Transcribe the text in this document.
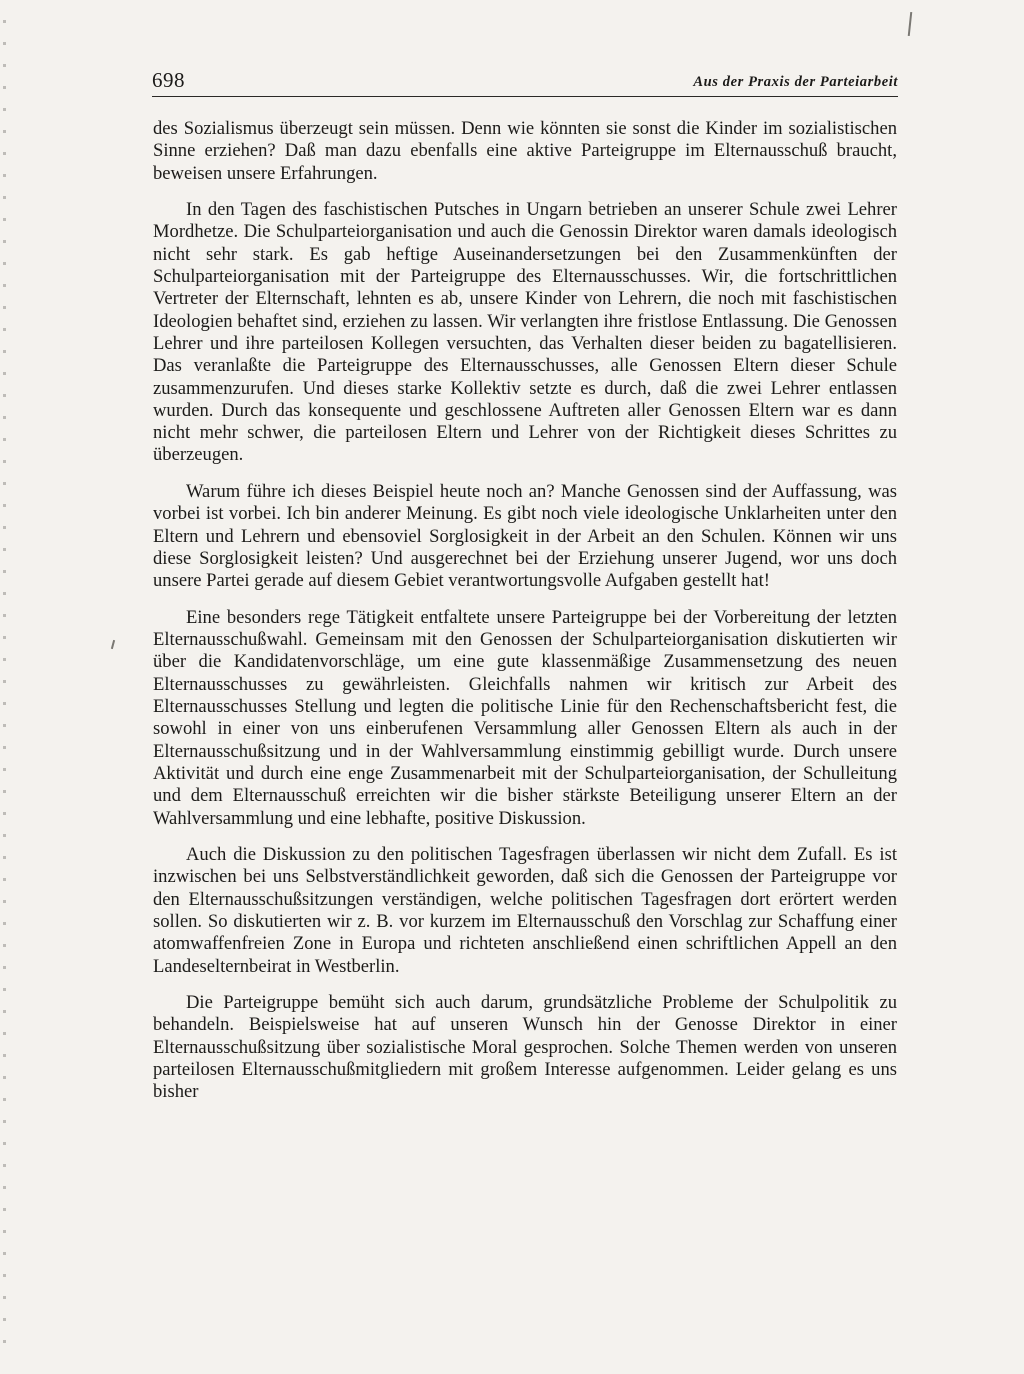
698	Aus der Praxis der Parteiarbeit

des Sozialismus überzeugt sein müssen. Denn wie könnten sie sonst die Kinder im sozialistischen Sinne erziehen? Daß man dazu ebenfalls eine aktive Parteigruppe im Elternausschuß braucht, beweisen unsere Erfahrungen.

In den Tagen des faschistischen Putsches in Ungarn betrieben an unserer Schule zwei Lehrer Mordhetze. Die Schulparteiorganisation und auch die Genossin Direktor waren damals ideologisch nicht sehr stark. Es gab heftige Auseinandersetzungen bei den Zusammenkünften der Schulparteiorganisation mit der Parteigruppe des Elternausschusses. Wir, die fortschrittlichen Vertreter der Elternschaft, lehnten es ab, unsere Kinder von Lehrern, die noch mit faschistischen Ideologien behaftet sind, erziehen zu lassen. Wir verlangten ihre fristlose Entlassung. Die Genossen Lehrer und ihre parteilosen Kollegen versuchten, das Verhalten dieser beiden zu bagatellisieren. Das veranlaßte die Parteigruppe des Elternausschusses, alle Genossen Eltern dieser Schule zusammenzurufen. Und dieses starke Kollektiv setzte es durch, daß die zwei Lehrer entlassen wurden. Durch das konsequente und geschlossene Auftreten aller Genossen Eltern war es dann nicht mehr schwer, die parteilosen Eltern und Lehrer von der Richtigkeit dieses Schrittes zu überzeugen.

Warum führe ich dieses Beispiel heute noch an? Manche Genossen sind der Auffassung, was vorbei ist vorbei. Ich bin anderer Meinung. Es gibt noch viele ideologische Unklarheiten unter den Eltern und Lehrern und ebensoviel Sorglosigkeit in der Arbeit an den Schulen. Können wir uns diese Sorglosigkeit leisten? Und ausgerechnet bei der Erziehung unserer Jugend, wor uns doch unsere Partei gerade auf diesem Gebiet verantwortungsvolle Aufgaben gestellt hat!

Eine besonders rege Tätigkeit entfaltete unsere Parteigruppe bei der Vorbereitung der letzten Elternausschußwahl. Gemeinsam mit den Genossen der Schulparteiorganisation diskutierten wir über die Kandidatenvorschläge, um eine gute klassenmäßige Zusammensetzung des neuen Elternausschusses zu gewährleisten. Gleichfalls nahmen wir kritisch zur Arbeit des Elternausschusses Stellung und legten die politische Linie für den Rechenschaftsbericht fest, die sowohl in einer von uns einberufenen Versammlung aller Genossen Eltern als auch in der Elternausschußsitzung und in der Wahlversammlung einstimmig gebilligt wurde. Durch unsere Aktivität und durch eine enge Zusammenarbeit mit der Schulparteiorganisation, der Schulleitung und dem Elternausschuß erreichten wir die bisher stärkste Beteiligung unserer Eltern an der Wahlversammlung und eine lebhafte, positive Diskussion.

Auch die Diskussion zu den politischen Tagesfragen überlassen wir nicht dem Zufall. Es ist inzwischen bei uns Selbstverständlichkeit geworden, daß sich die Genossen der Parteigruppe vor den Elternausschußsitzungen verständigen, welche politischen Tagesfragen dort erörtert werden sollen. So diskutierten wir z. B. vor kurzem im Elternausschuß den Vorschlag zur Schaffung einer atomwaffenfreien Zone in Europa und richteten anschließend einen schriftlichen Appell an den Landeselternbeirat in Westberlin.

Die Parteigruppe bemüht sich auch darum, grundsätzliche Probleme der Schulpolitik zu behandeln. Beispielsweise hat auf unseren Wunsch hin der Genosse Direktor in einer Elternausschußsitzung über sozialistische Moral gesprochen. Solche Themen werden von unseren parteilosen Elternausschußmitgliedern mit großem Interesse aufgenommen. Leider gelang es uns bisher
